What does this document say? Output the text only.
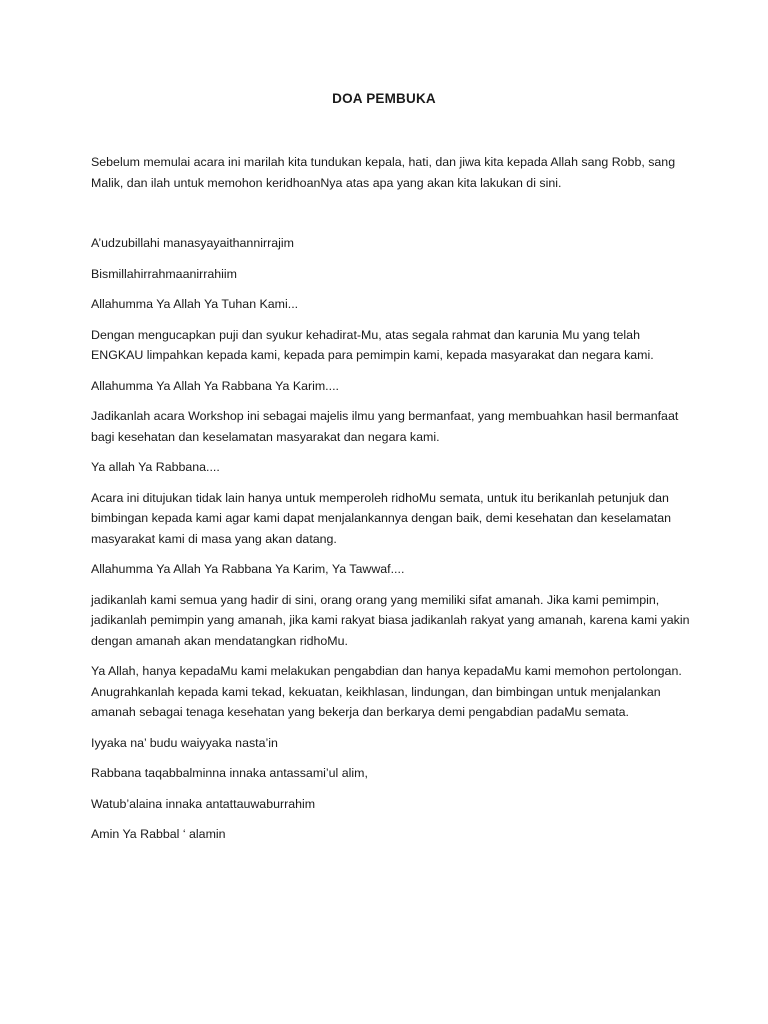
DOA PEMBUKA

Sebelum memulai acara ini marilah kita tundukan kepala, hati, dan jiwa kita kepada Allah sang Robb, sang Malik, dan ilah untuk memohon keridhoanNya atas apa yang akan kita lakukan di sini.

A’udzubillahi manasyayaithannirrajim

Bismillahirrahmaanirrahiim

Allahumma Ya Allah Ya Tuhan Kami...

Dengan mengucapkan puji dan syukur kehadirat-Mu, atas segala rahmat dan karunia Mu yang telah ENGKAU limpahkan kepada kami, kepada para pemimpin kami, kepada masyarakat dan negara kami.

Allahumma Ya Allah Ya Rabbana Ya Karim....

Jadikanlah acara Workshop ini sebagai majelis ilmu yang bermanfaat, yang membuahkan hasil bermanfaat bagi kesehatan dan keselamatan masyarakat dan negara kami.

Ya allah Ya Rabbana....

Acara ini ditujukan tidak lain hanya untuk memperoleh ridhoMu semata, untuk itu berikanlah petunjuk dan bimbingan kepada kami agar kami dapat menjalankannya dengan baik, demi kesehatan dan keselamatan masyarakat kami di masa yang akan datang.

Allahumma Ya Allah Ya Rabbana Ya Karim, Ya Tawwaf....

jadikanlah kami semua yang hadir di sini, orang orang yang memiliki sifat amanah. Jika kami pemimpin, jadikanlah pemimpin yang amanah, jika kami rakyat biasa jadikanlah rakyat yang amanah, karena kami yakin dengan amanah akan mendatangkan ridhoMu.

Ya Allah, hanya kepadaMu kami melakukan pengabdian dan hanya kepadaMu kami memohon pertolongan. Anugrahkanlah kepada kami tekad, kekuatan, keikhlasan, lindungan, dan bimbingan untuk menjalankan amanah sebagai tenaga kesehatan yang bekerja dan berkarya demi pengabdian padaMu semata.

Iyyaka na’ budu waiyyaka nasta’in

Rabbana taqabbalminna innaka antassami’ul alim,

Watub’alaina innaka antattauwaburrahim

Amin Ya Rabbal ‘ alamin
